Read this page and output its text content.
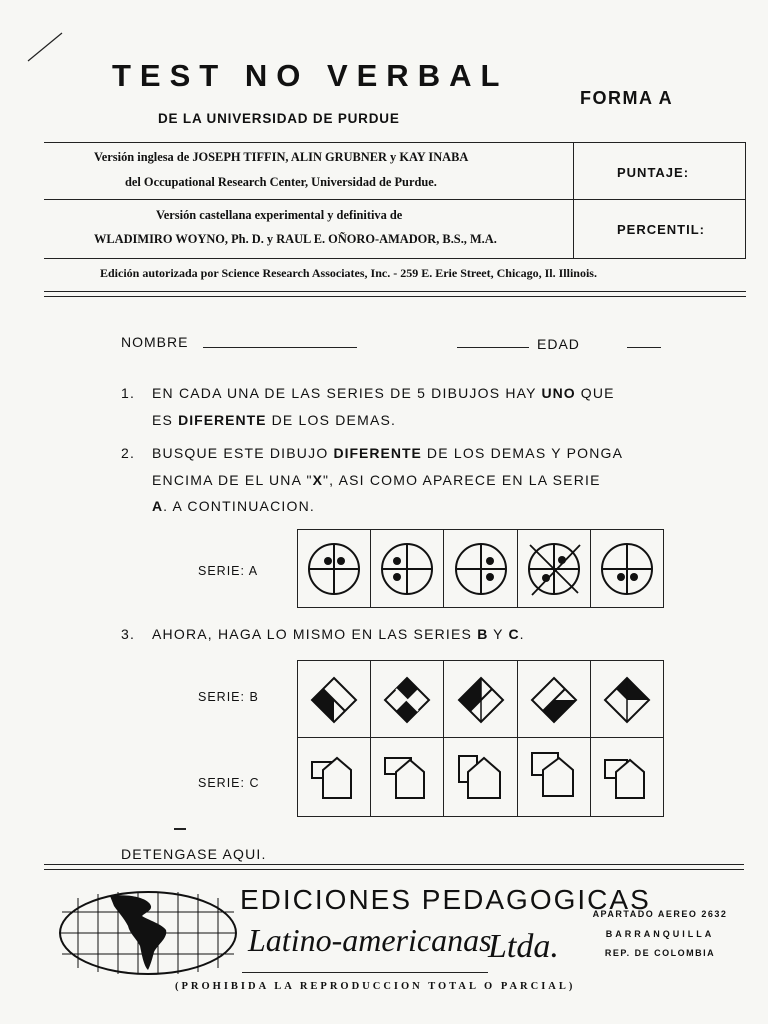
TEST NO VERBAL
DE LA UNIVERSIDAD DE PURDUE
FORMA A
Versión inglesa de JOSEPH TIFFIN, ALIN GRUBNER y KAY INABA
del Occupational Research Center, Universidad de Purdue.
Versión castellana experimental y definitiva de
WLADIMIRO WOYNO, Ph. D. y RAUL E. OÑORO-AMADOR, B.S., M.A.
PUNTAJE:
PERCENTIL:
Edición autorizada por Science Research Associates, Inc. - 259 E. Erie Street, Chicago, Il. Illinois.
NOMBRE	EDAD
1. EN CADA UNA DE LAS SERIES DE 5 DIBUJOS HAY UNO QUE
ES DIFERENTE DE LOS DEMAS.
2. BUSQUE ESTE DIBUJO DIFERENTE DE LOS DEMAS Y PONGA
ENCIMA DE EL UNA "X", ASI COMO APARECE EN LA SERIE
A. A CONTINUACION.
SERIE: A
3. AHORA, HAGA LO MISMO EN LAS SERIES B Y C.
SERIE: B
SERIE: C
DETENGASE AQUI.
EDICIONES PEDAGOGICAS
Latino-americanas
Ltda.
APARTADO AEREO 2632
BARRANQUILLA
REP. DE COLOMBIA
(PROHIBIDA LA REPRODUCCION TOTAL O PARCIAL)
